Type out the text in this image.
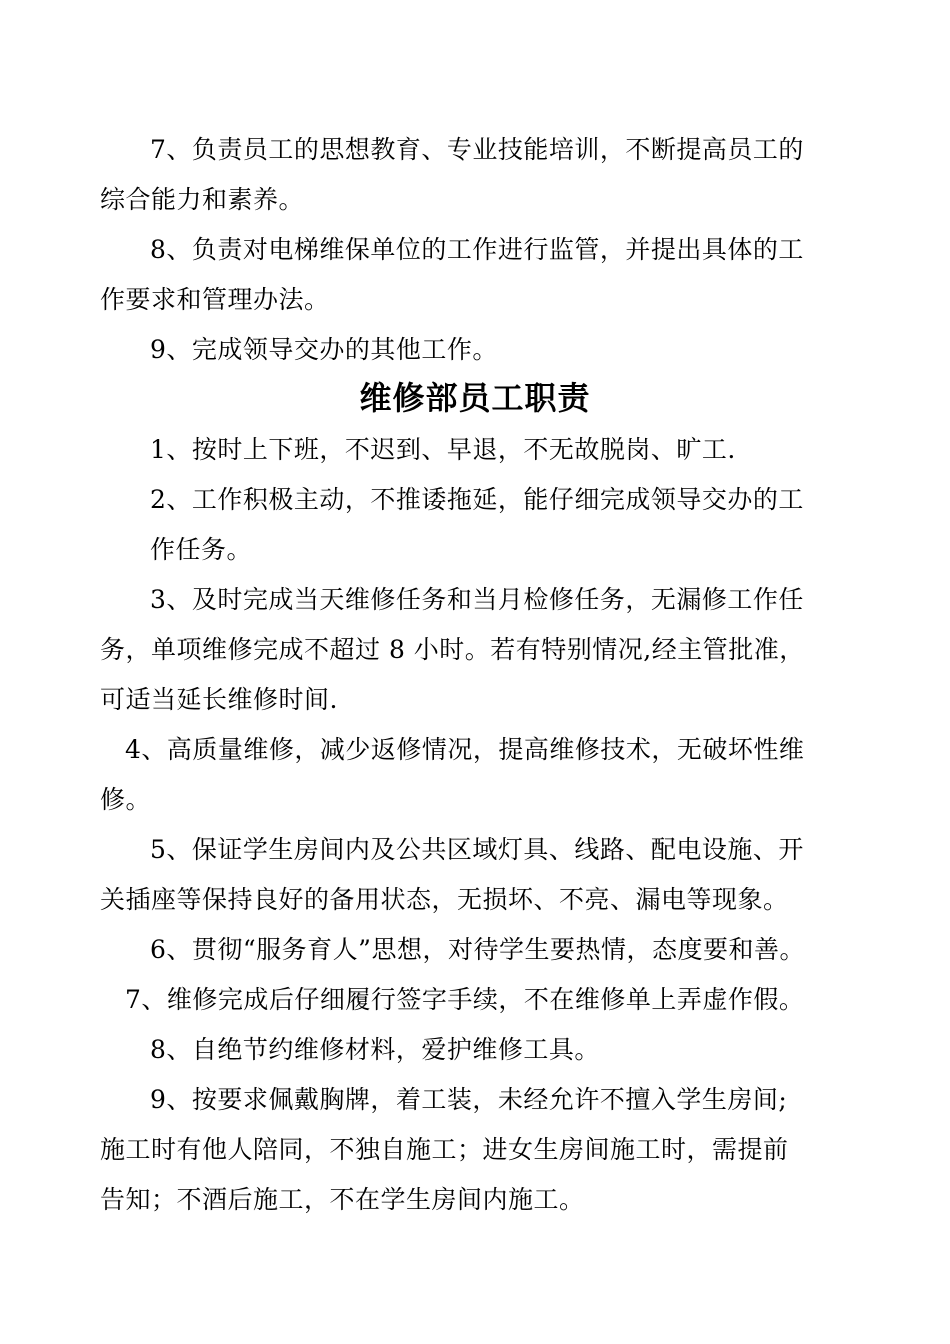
7、负责员工的思想教育、专业技能培训，不断提高员工的
综合能力和素养。
8、负责对电梯维保单位的工作进行监管，并提出具体的工
作要求和管理办法。
9、完成领导交办的其他工作。
维修部员工职责
1、按时上下班，不迟到、早退，不无故脱岗、旷工.
2、工作积极主动，不推诿拖延，能仔细完成领导交办的工
作任务。
3、及时完成当天维修任务和当月检修任务，无漏修工作任
务，单项维修完成不超过 8 小时。若有特别情况,经主管批准，
可适当延长维修时间.
4、高质量维修，减少返修情况，提高维修技术，无破坏性维
修。
5、保证学生房间内及公共区域灯具、线路、配电设施、开
关插座等保持良好的备用状态，无损坏、不亮、漏电等现象。
6、贯彻“服务育人”思想，对待学生要热情，态度要和善。
7、维修完成后仔细履行签字手续，不在维修单上弄虚作假。
8、自绝节约维修材料，爱护维修工具。
9、按要求佩戴胸牌，着工装，未经允许不擅入学生房间;
施工时有他人陪同，不独自施工；进女生房间施工时，需提前
告知；不酒后施工，不在学生房间内施工。
